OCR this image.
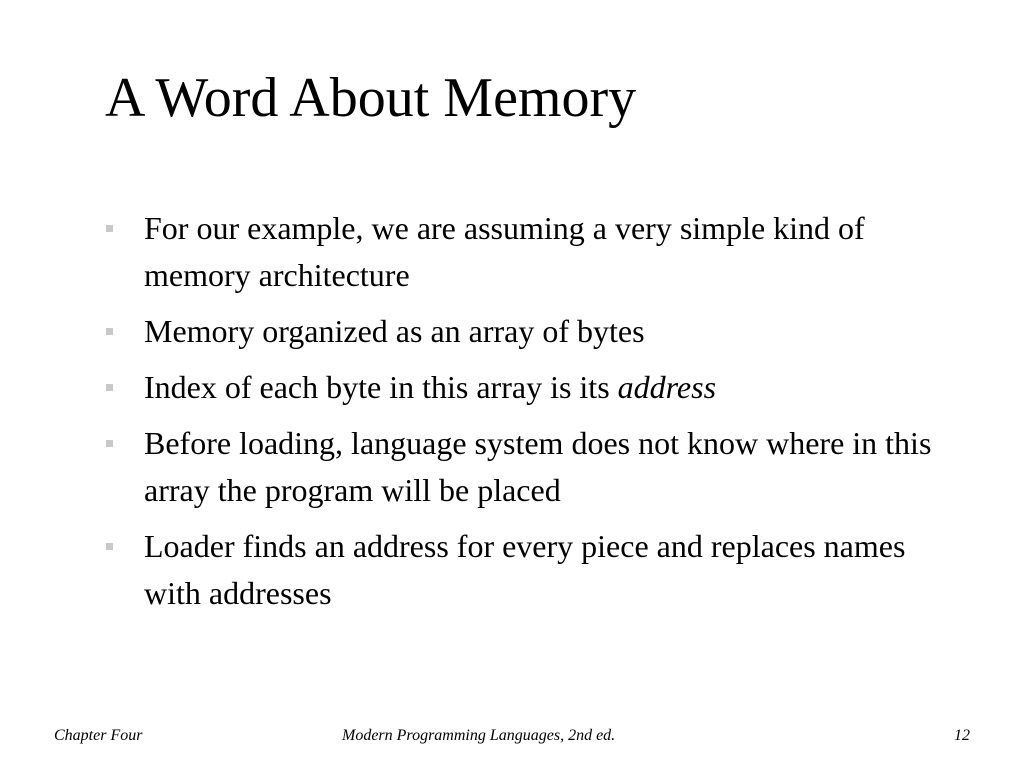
A Word About Memory
For our example, we are assuming a very simple kind of memory architecture
Memory organized as an array of bytes
Index of each byte in this array is its address
Before loading, language system does not know where in this array the program will be placed
Loader finds an address for every piece and replaces names with addresses
Chapter Four	Modern Programming Languages, 2nd ed.	12
